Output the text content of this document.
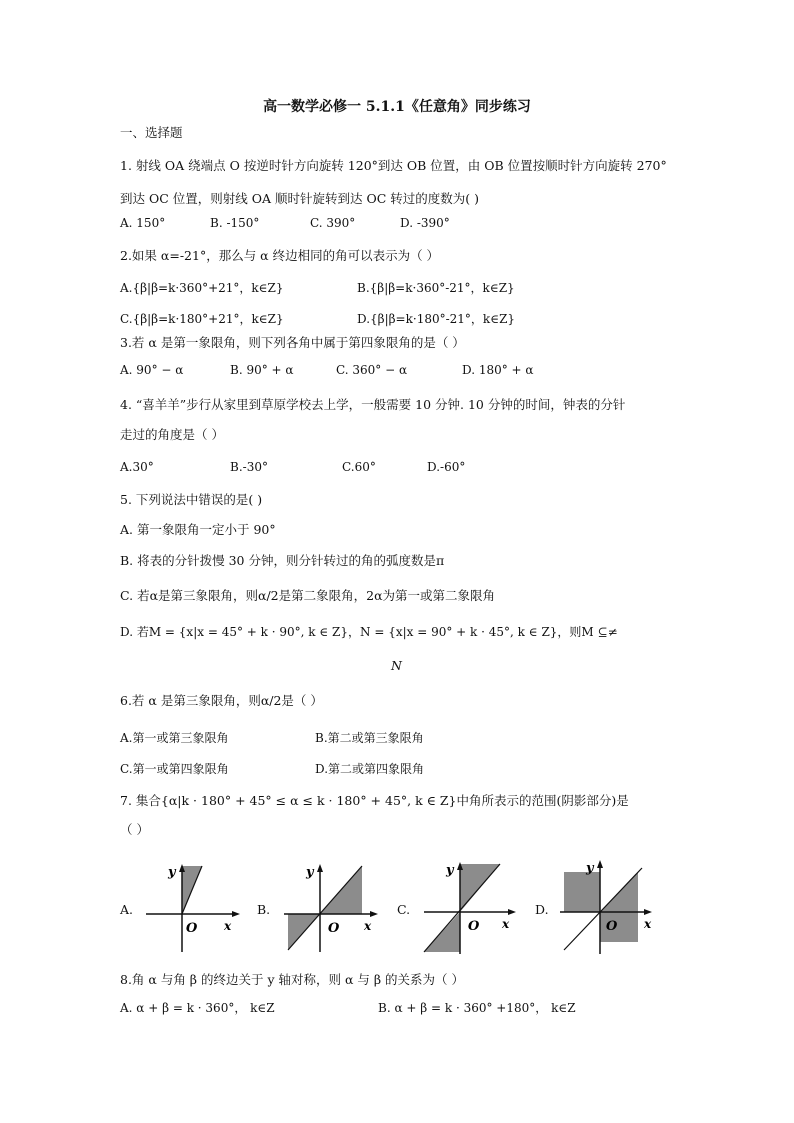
高一数学必修一 5.1.1《任意角》同步练习
一、选择题
1. 射线 OA 绕端点 O 按逆时针方向旋转 120°到达 OB 位置，由 OB 位置按顺时针方向旋转 270°
到达 OC 位置，则射线 OA 顺时针旋转到达 OC 转过的度数为( )
A. 150°	B. -150°	C. 390°	D. -390°
2.如果 α=-21°，那么与 α 终边相同的角可以表示为（ ）
A.{β|β=k·360°+21°，k∈Z}	B.{β|β=k·360°-21°，k∈Z}
C.{β|β=k·180°+21°，k∈Z}	D.{β|β=k·180°-21°，k∈Z}
3.若 α 是第一象限角，则下列各角中属于第四象限角的是（ ）
A. 90° − α	B. 90° + α	C. 360° − α	D. 180° + α
4. “喜羊羊”步行从家里到草原学校去上学，一般需要 10 分钟. 10 分钟的时间，钟表的分针
走过的角度是（ ）
A.30°	B.-30°	C.60°	D.-60°
5. 下列说法中错误的是( )
A. 第一象限角一定小于 90°
B. 将表的分针拨慢 30 分钟，则分针转过的角的弧度数是π
C. 若α是第三象限角，则α/2是第二象限角，2α为第一或第二象限角
D. 若M = {x|x = 45° + k · 90°, k ∈ Z}，N = {x|x = 90° + k · 45°, k ∈ Z}，则M ⊆≠
N
6.若 α 是第三象限角，则α/2是（ ）
A.第一或第三象限角	B.第二或第三象限角
C.第一或第四象限角	D.第二或第四象限角
7. 集合{α|k · 180° + 45° ≤ α ≤ k · 180° + 45°, k ∈ Z}中角所表示的范围(阴影部分)是
（ ）
A.
y
O x
B.
y
O x
C.
y
O x
D.
y
O x
8.角 α 与角 β 的终边关于 y 轴对称，则 α 与 β 的关系为（ ）
A. α + β = k · 360°， k∈Z	B. α + β = k · 360° +180°， k∈Z
